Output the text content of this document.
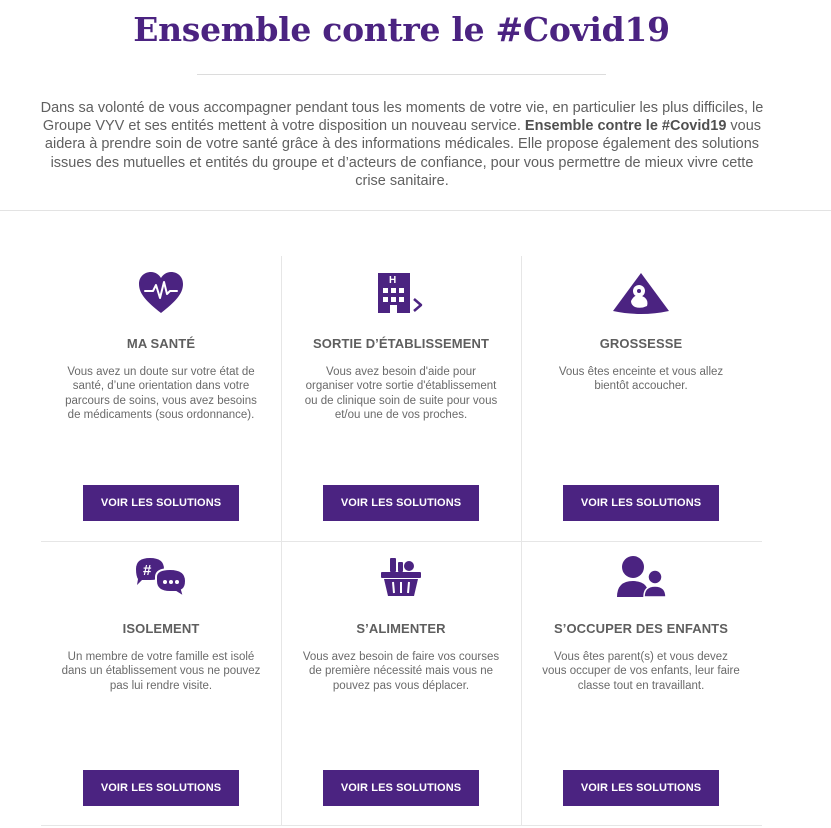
Ensemble contre le #Covid19

Dans sa volonté de vous accompagner pendant tous les moments de votre vie, en particulier les plus difficiles, le Groupe VYV et ses entités mettent à votre disposition un nouveau service. Ensemble contre le #Covid19 vous aidera à prendre soin de votre santé grâce à des informations médicales. Elle propose également des solutions issues des mutuelles et entités du groupe et d’acteurs de confiance, pour vous permettre de mieux vivre cette crise sanitaire.

MA SANTÉ
Vous avez un doute sur votre état de santé, d’une orientation dans votre parcours de soins, vous avez besoins de médicaments (sous ordonnance).
VOIR LES SOLUTIONS
H
SORTIE D’ÉTABLISSEMENT
Vous avez besoin d'aide pour organiser votre sortie d'établissement ou de clinique soin de suite pour vous et/ou une de vos proches.
VOIR LES SOLUTIONS
GROSSESSE
Vous êtes enceinte et vous allez bientôt accoucher.
VOIR LES SOLUTIONS
#
ISOLEMENT
Un membre de votre famille est isolé dans un établissement vous ne pouvez pas lui rendre visite.
VOIR LES SOLUTIONS
S’ALIMENTER
Vous avez besoin de faire vos courses de première nécessité mais vous ne pouvez pas vous déplacer.
VOIR LES SOLUTIONS
S’OCCUPER DES ENFANTS
Vous êtes parent(s) et vous devez vous occuper de vos enfants, leur faire classe tout en travaillant.
VOIR LES SOLUTIONS
